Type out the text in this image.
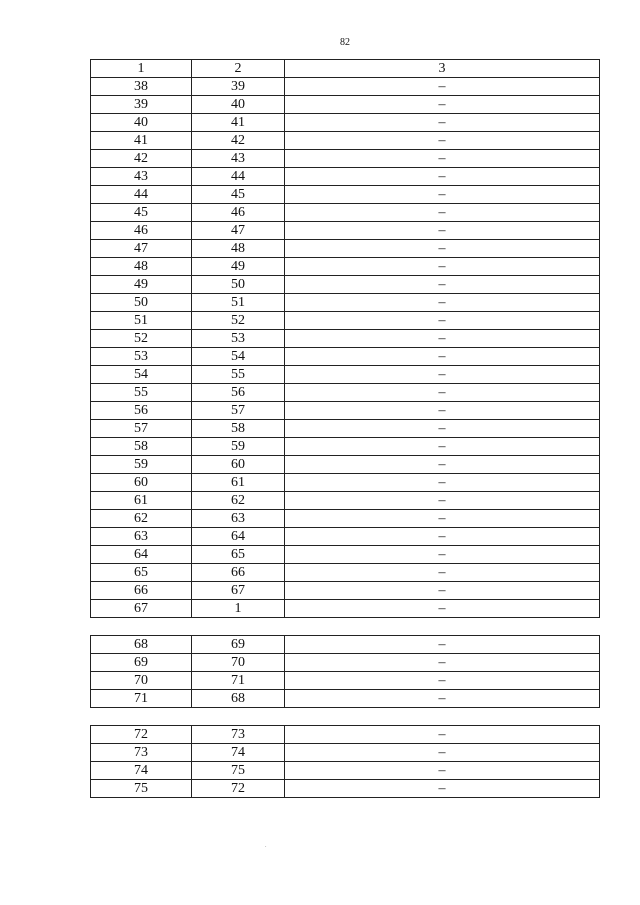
82
1	2	3
38	39	–
39	40	–
40	41	–
41	42	–
42	43	–
43	44	–
44	45	–
45	46	–
46	47	–
47	48	–
48	49	–
49	50	–
50	51	–
51	52	–
52	53	–
53	54	–
54	55	–
55	56	–
56	57	–
57	58	–
58	59	–
59	60	–
60	61	–
61	62	–
62	63	–
63	64	–
64	65	–
65	66	–
66	67	–
67	1	–

68	69	–
69	70	–
70	71	–
71	68	–

72	73	–
73	74	–
74	75	–
75	72	–
.
